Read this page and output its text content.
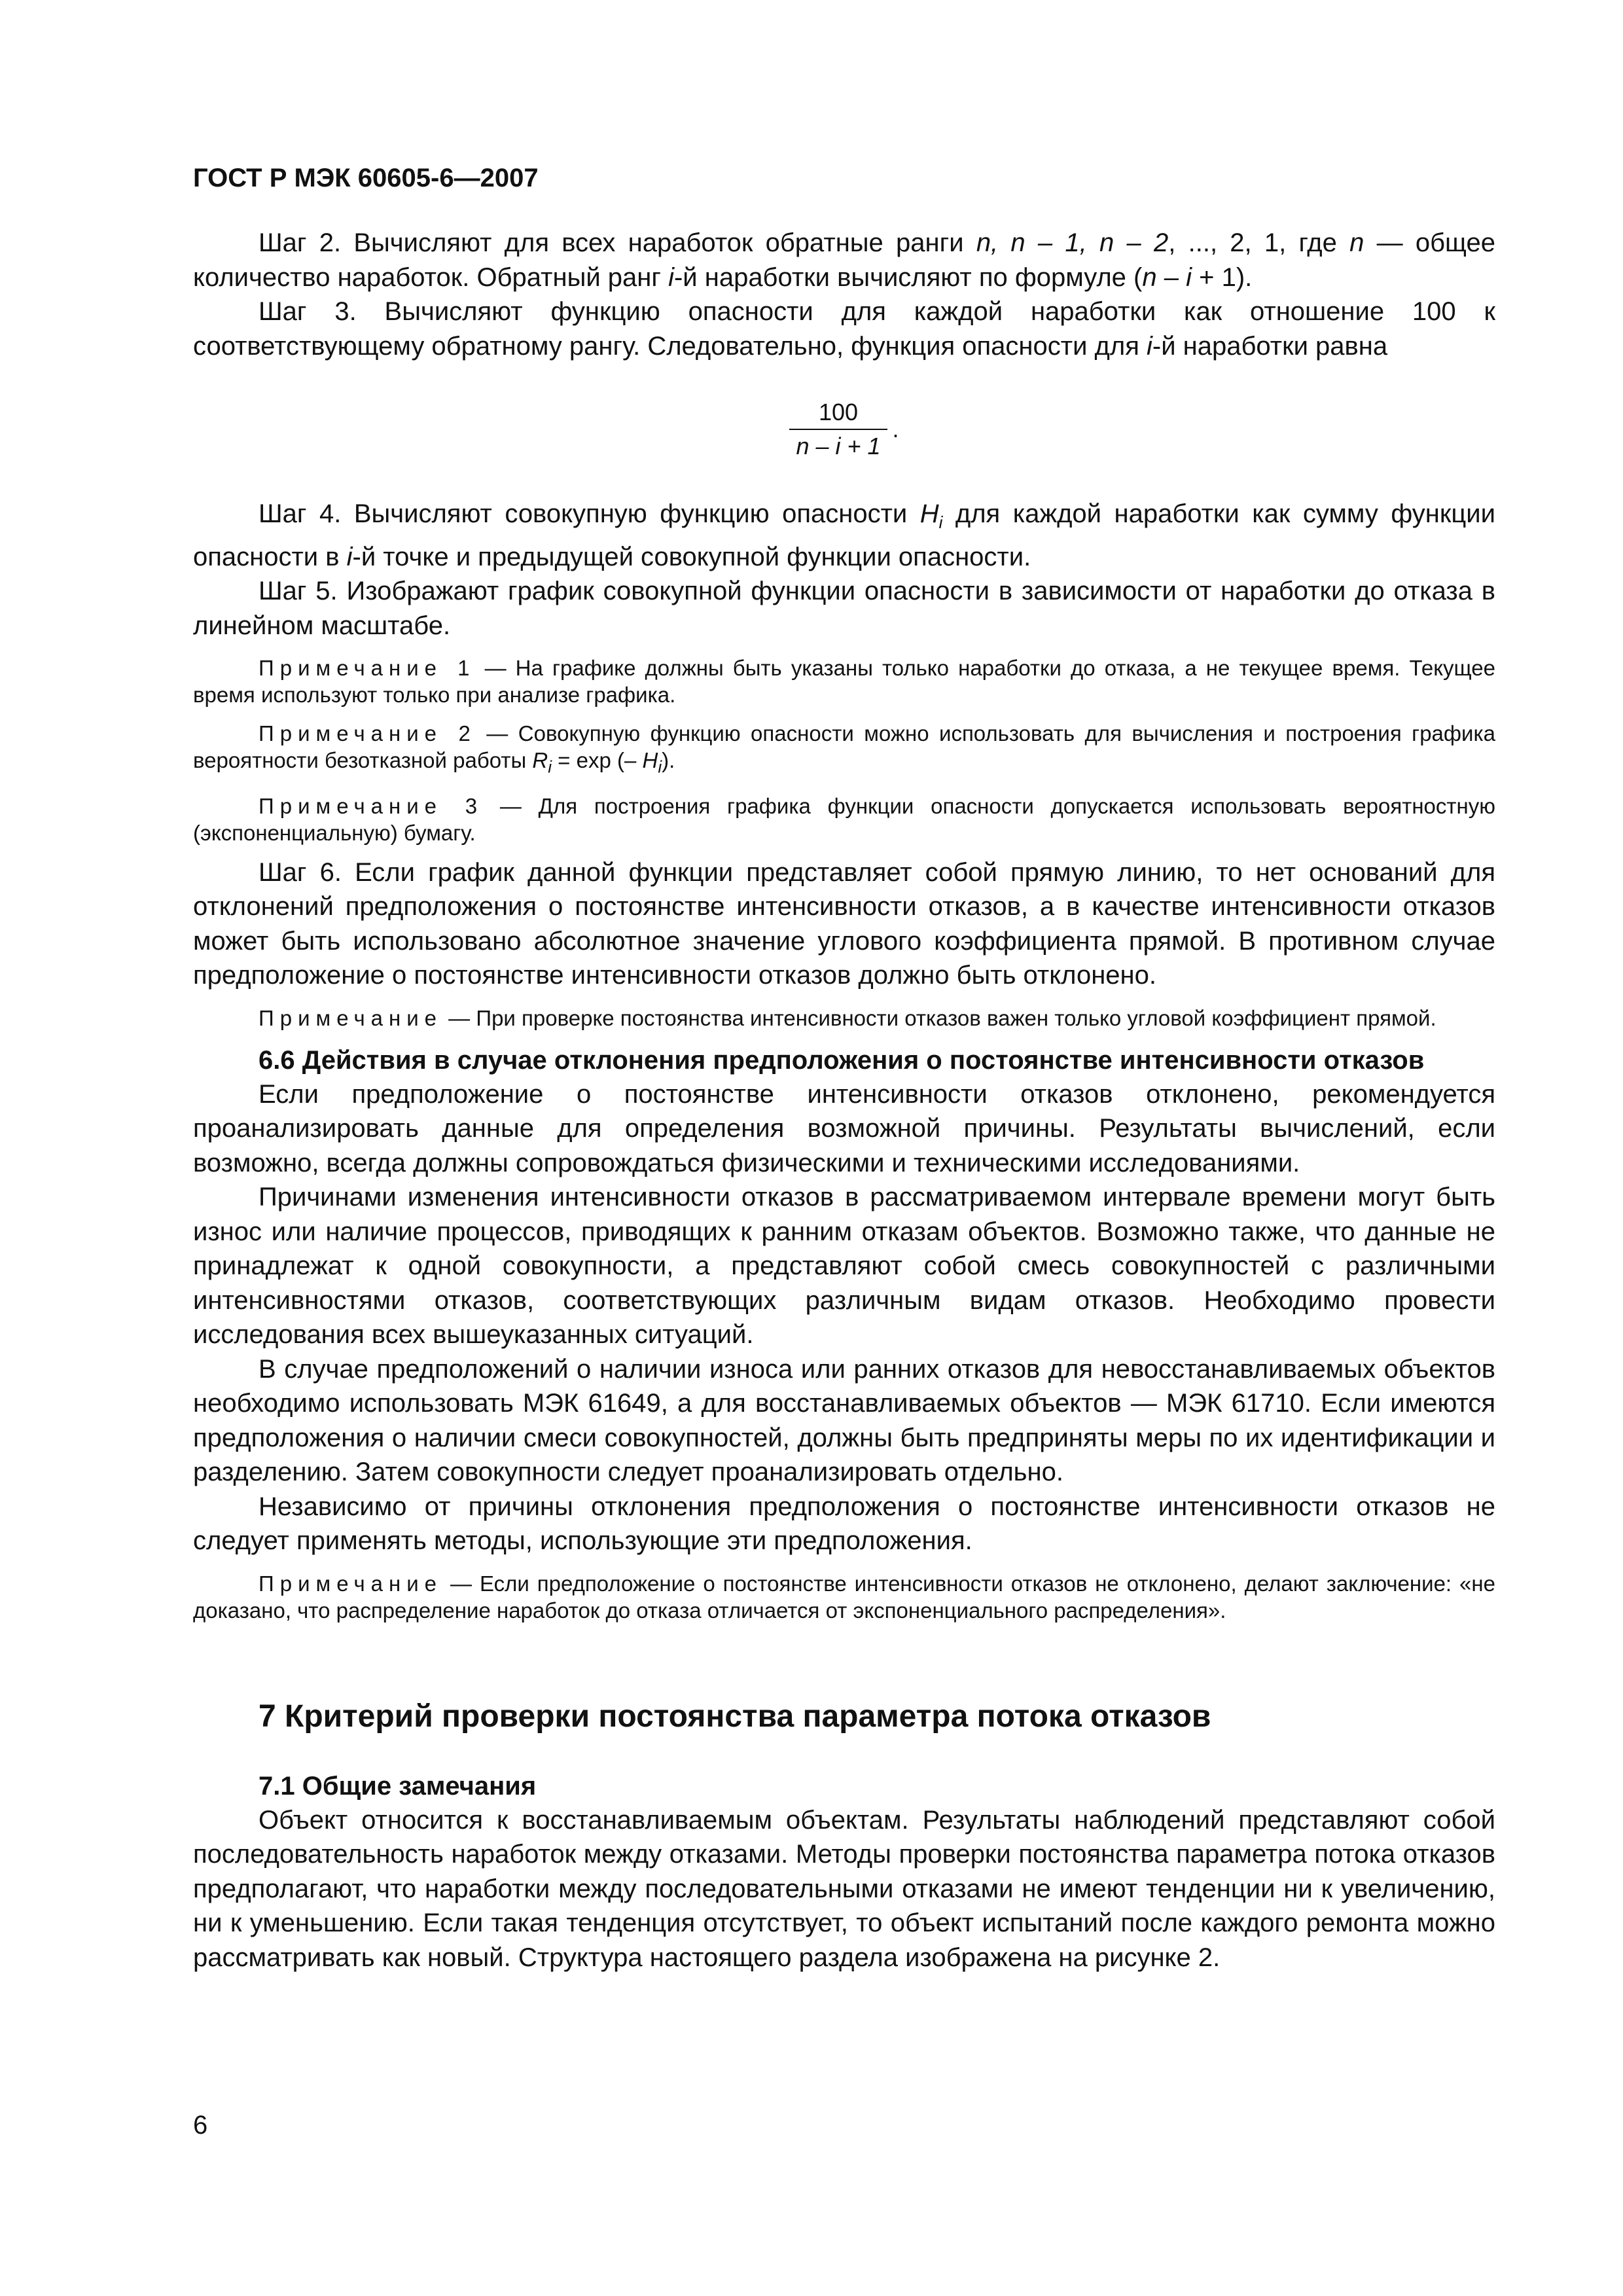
ГОСТ Р МЭК 60605-6—2007

Шаг 2. Вычисляют для всех наработок обратные ранги n, n – 1, n – 2, ..., 2, 1, где n — общее количество наработок. Обратный ранг i-й наработки вычисляют по формуле (n – i + 1).

Шаг 3. Вычисляют функцию опасности для каждой наработки как отношение 100 к соответствующему обратному рангу. Следовательно, функция опасности для i-й наработки равна

$\frac{100}{n - i + 1}$ .

Шаг 4. Вычисляют совокупную функцию опасности $H_i$ для каждой наработки как сумму функции опасности в i-й точке и предыдущей совокупной функции опасности.

Шаг 5. Изображают график совокупной функции опасности в зависимости от наработки до отказа в линейном масштабе.

Примечание 1 — На графике должны быть указаны только наработки до отказа, а не текущее время. Текущее время используют только при анализе графика.

Примечание 2 — Совокупную функцию опасности можно использовать для вычисления и построения графика вероятности безотказной работы $R_i = \exp$ (– $H_i$).

Примечание 3 — Для построения графика функции опасности допускается использовать вероятностную (экспоненциальную) бумагу.

Шаг 6. Если график данной функции представляет собой прямую линию, то нет оснований для отклонений предположения о постоянстве интенсивности отказов, а в качестве интенсивности отказов может быть использовано абсолютное значение углового коэффициента прямой. В противном случае предположение о постоянстве интенсивности отказов должно быть отклонено.

Примечание — При проверке постоянства интенсивности отказов важен только угловой коэффициент прямой.

6.6 Действия в случае отклонения предположения о постоянстве интенсивности отказов

Если предположение о постоянстве интенсивности отказов отклонено, рекомендуется проанализировать данные для определения возможной причины. Результаты вычислений, если возможно, всегда должны сопровождаться физическими и техническими исследованиями.

Причинами изменения интенсивности отказов в рассматриваемом интервале времени могут быть износ или наличие процессов, приводящих к ранним отказам объектов. Возможно также, что данные не принадлежат к одной совокупности, а представляют собой смесь совокупностей с различными интенсивностями отказов, соответствующих различным видам отказов. Необходимо провести исследования всех вышеуказанных ситуаций.

В случае предположений о наличии износа или ранних отказов для невосстанавливаемых объектов необходимо использовать МЭК 61649, а для восстанавливаемых объектов — МЭК 61710. Если имеются предположения о наличии смеси совокупностей, должны быть предприняты меры по их идентификации и разделению. Затем совокупности следует проанализировать отдельно.

Независимо от причины отклонения предположения о постоянстве интенсивности отказов не следует применять методы, использующие эти предположения.

Примечание — Если предположение о постоянстве интенсивности отказов не отклонено, делают заключение: «не доказано, что распределение наработок до отказа отличается от экспоненциального распределения».

7 Критерий проверки постоянства параметра потока отказов
7.1 Общие замечания

Объект относится к восстанавливаемым объектам. Результаты наблюдений представляют собой последовательность наработок между отказами. Методы проверки постоянства параметра потока отказов предполагают, что наработки между последовательными отказами не имеют тенденции ни к увеличению, ни к уменьшению. Если такая тенденция отсутствует, то объект испытаний после каждого ремонта можно рассматривать как новый. Структура настоящего раздела изображена на рисунке 2.

6
